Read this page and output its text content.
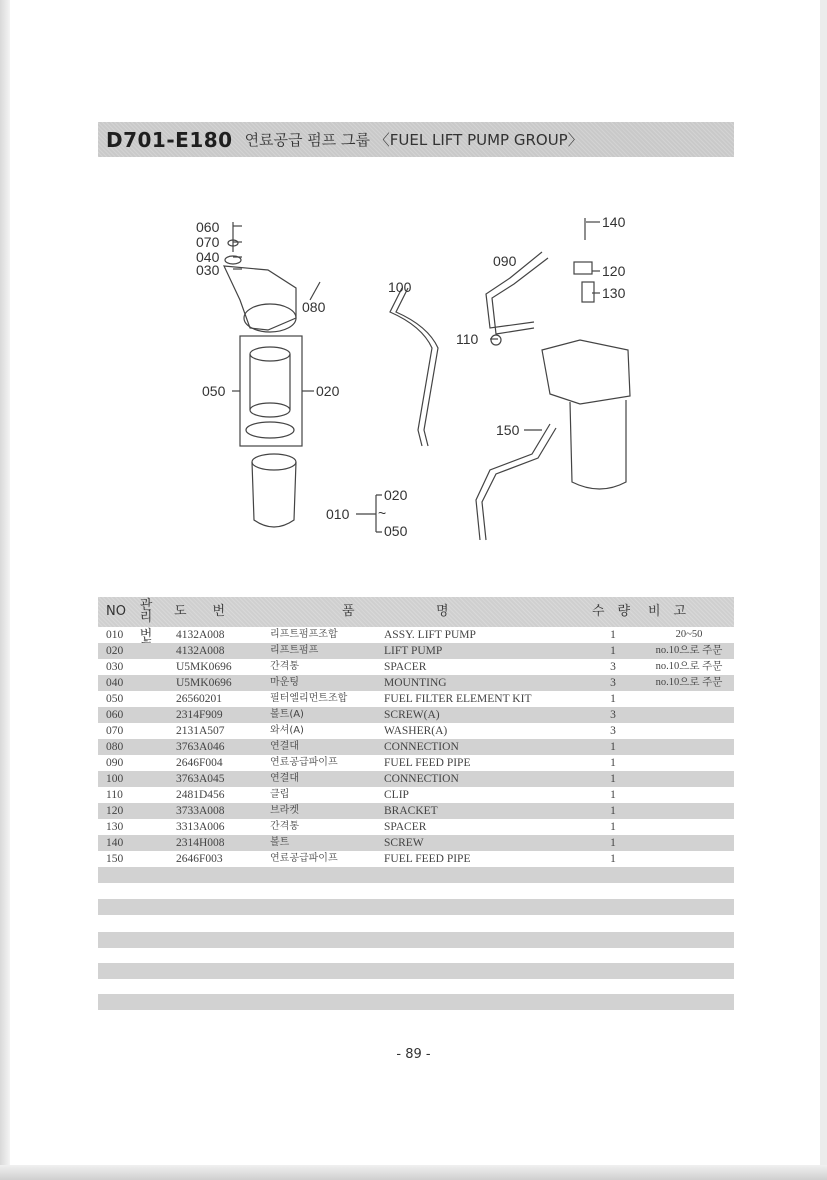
D701-E180 연료공급 펌프 그룹 〈FUEL LIFT PUMP GROUP〉
060
070
040
030
080
050	020
100
110
090
140
120
130
150
010
020
~
050
NO 관리
번
도　　번	품	명	수　량 비　고
010	4132A008	리프트펌프조합	ASSY. LIFT PUMP	1	20~50
020	4132A008	리프트펌프	LIFT PUMP	1	no.10으로 주문
030	U5MK0696	간격통	SPACER	3	no.10으로 주문
040	U5MK0696	마운팅	MOUNTING	3	no.10으로 주문
050	26560201	필터엘리먼트조합	FUEL FILTER ELEMENT KIT	1
060	2314F909	볼트(A)	SCREW(A)	3
070	2131A507	와셔(A)	WASHER(A)	3
080	3763A046	연결대	CONNECTION	1
090	2646F004	연료공급파이프	FUEL FEED PIPE	1
100	3763A045	연결대	CONNECTION	1
110	2481D456	클립	CLIP	1
120	3733A008	브라켓	BRACKET	1
130	3313A006	간격통	SPACER	1
140	2314H008	볼트	SCREW	1
150	2646F003	연료공급파이프	FUEL FEED PIPE	1
- 89 -
